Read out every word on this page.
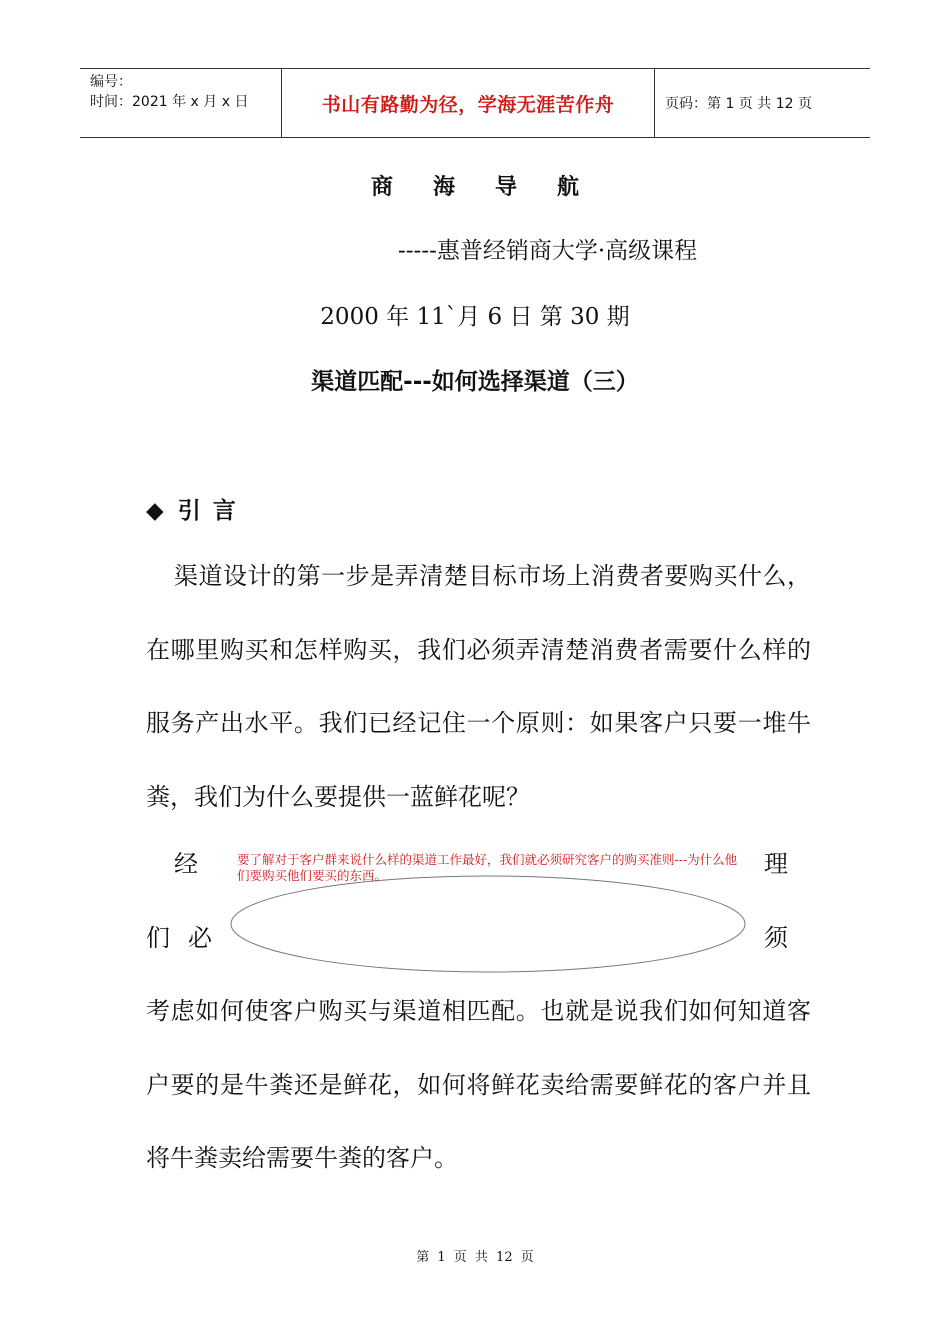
编号：
时间：2021 年 x 月 x 日	书山有路勤为径，学海无涯苦作舟	页码：第 1 页 共 12 页
商海导航
-----惠普经销商大学·高级课程
2000 年 11`月 6 日 第 30 期
渠道匹配---如何选择渠道（三）
◆ 引言
渠道设计的第一步是弄清楚目标市场上消费者要购买什么，在哪里购买和怎样购买，我们必须弄清楚消费者需要什么样的服务产出水平。我们已经记住一个原则：如果客户只要一堆牛粪，我们为什么要提供一蓝鲜花呢？
经	理
们必	须
要了解对于客户群来说什么样的渠道工作最好，我们就必须研究客户的购买准则---为什么他们要购买他们要买的东西。
考虑如何使客户购买与渠道相匹配。也就是说我们如何知道客户要的是牛粪还是鲜花，如何将鲜花卖给需要鲜花的客户并且将牛粪卖给需要牛粪的客户。
第 1 页 共 12 页
